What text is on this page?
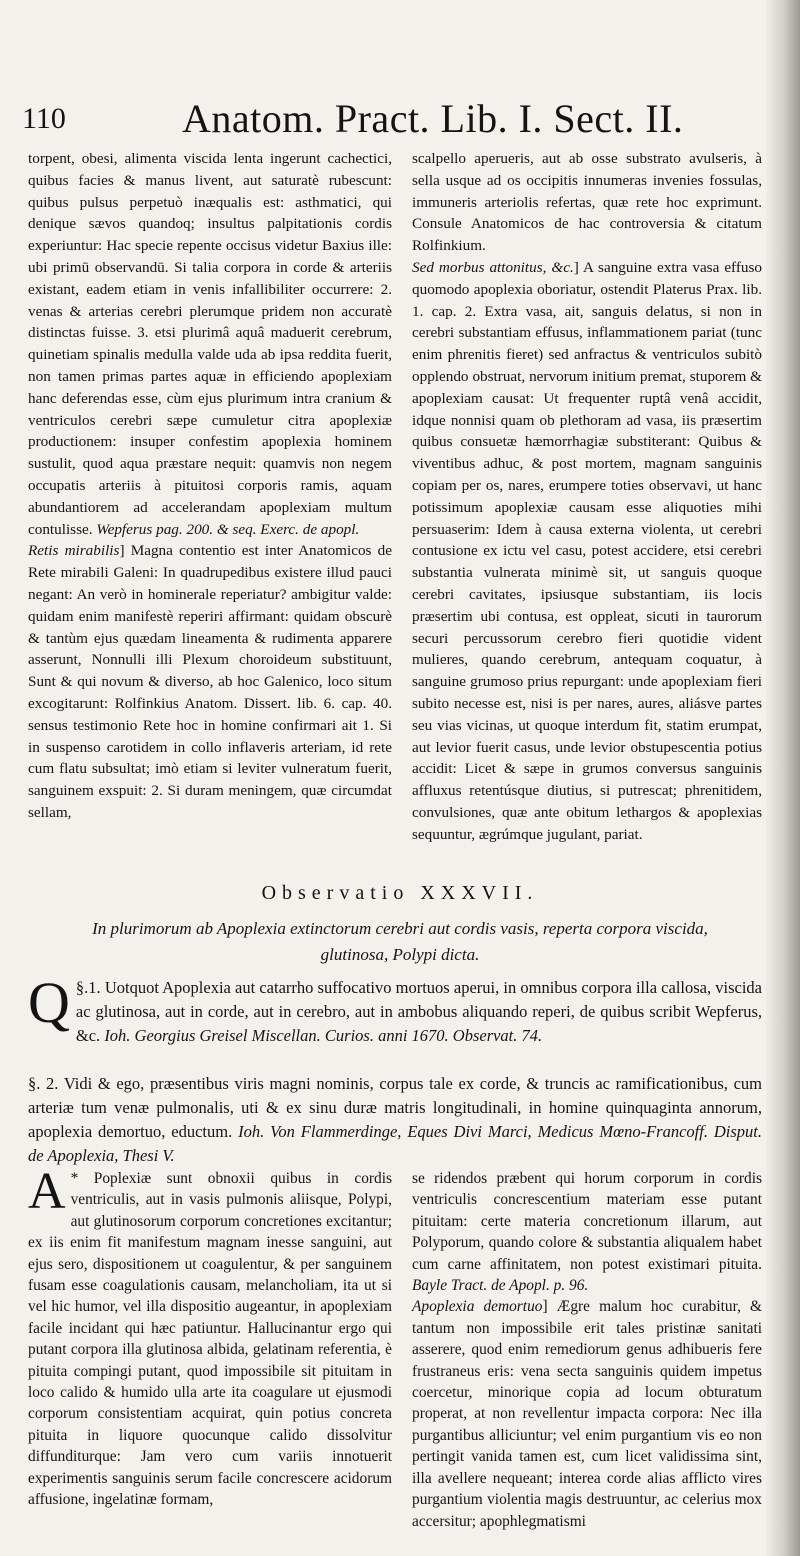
110	Anatom. Pract. Lib. I. Sect. II.

torpent, obesi, alimenta viscida lenta ingerunt cachectici, quibus facies & manus livent, aut saturatè rubescunt: quibus pulsus perpetuò inæqualis est: asthmatici, qui denique sævos quandoq; insultus palpitationis cordis experiuntur: Hac specie repente occisus videtur Baxius ille: ubi primū observandū. Si talia corpora in corde & arteriis existant, eadem etiam in venis infallibiliter occurrere: 2. venas & arterias cerebri plerumque pridem non accuratè distinctas fuisse. 3. etsi plurimâ aquâ maduerit cerebrum, quinetiam spinalis medulla valde uda ab ipsa reddita fuerit, non tamen primas partes aquæ in efficiendo apoplexiam hanc deferendas esse, cùm ejus plurimum intra cranium & ventriculos cerebri sæpe cumuletur citra apoplexiæ productionem: insuper confestim apoplexia hominem sustulit, quod aqua præstare nequit: quamvis non negem occupatis arteriis à pituitosi corporis ramis, aquam abundantiorem ad accelerandam apoplexiam multum contulisse. Wepferus pag. 200. & seq. Exerc. de apopl.

Retis mirabilis] Magna contentio est inter Anatomicos de Rete mirabili Galeni: In quadrupedibus existere illud pauci negant: An verò in hominerale reperiatur? ambigitur valde: quidam enim manifestè reperiri affirmant: quidam obscurè & tantùm ejus quædam lineamenta & rudimenta apparere asserunt, Nonnulli illi Plexum choroideum substituunt, Sunt & qui novum & diverso, ab hoc Galenico, loco situm excogitarunt: Rolfinkius Anatom. Dissert. lib. 6. cap. 40. sensus testimonio Rete hoc in homine confirmari ait 1. Si in suspenso carotidem in collo inflaveris arteriam, id rete cum flatu subsultat; imò etiam si leviter vulneratum fuerit, sanguinem exspuit: 2. Si duram meningem, quæ circumdat sellam,

scalpello aperueris, aut ab osse substrato avulseris, à sella usque ad os occipitis innumeras invenies fossulas, immuneris arteriolis refertas, quæ rete hoc exprimunt. Consule Anatomicos de hac controversia & citatum Rolfinkium.

Sed morbus attonitus, &c.] A sanguine extra vasa effuso quomodo apoplexia oboriatur, ostendit Platerus Prax. lib. 1. cap. 2. Extra vasa, ait, sanguis delatus, si non in cerebri substantiam effusus, inflammationem pariat (tunc enim phrenitis fieret) sed anfractus & ventriculos subitò opplendo obstruat, nervorum initium premat, stuporem & apoplexiam causat: Ut frequenter ruptâ venâ accidit, idque nonnisi quam ob plethoram ad vasa, iis præsertim quibus consuetæ hæmorrhagiæ substiterant: Quibus & viventibus adhuc, & post mortem, magnam sanguinis copiam per os, nares, erumpere toties observavi, ut hanc potissimum apoplexiæ causam esse aliquoties mihi persuaserim: Idem à causa externa violenta, ut cerebri contusione ex ictu vel casu, potest accidere, etsi cerebri substantia vulnerata minimè sit, ut sanguis quoque cerebri cavitates, ipsiusque substantiam, iis locis præsertim ubi contusa, est oppleat, sicuti in taurorum securi percussorum cerebro fieri quotidie vident mulieres, quando cerebrum, antequam coquatur, à sanguine grumoso prius repurgant: unde apoplexiam fieri subito necesse est, nisi is per nares, aures, aliásve partes seu vias vicinas, ut quoque interdum fit, statim erumpat, aut levior fuerit casus, unde levior obstupescentia potius accidit: Licet & sæpe in grumos conversus sanguinis affluxus retentúsque diutius, si putrescat; phrenitidem, convulsiones, quæ ante obitum lethargos & apoplexias sequuntur, ægrúmque jugulant, pariat.

Observatio XXXVII.
In plurimorum ab Apoplexia extinctorum cerebri aut cordis vasis, reperta corpora viscida, glutinosa, Polypi dicta.
§.1.
Q Uotquot Apoplexia aut catarrho suffocativo mortuos aperui, in omnibus corpora illa callosa, viscida ac glutinosa, aut in corde, aut in cerebro, aut in ambobus aliquando reperi, de quibus scribit Wepferus, &c. Ioh. Georgius Greisel Miscellan. Curios. anni 1670. Observat. 74.
§. 2. Vidi & ego, præsentibus viris magni nominis, corpus tale ex corde, & truncis ac ramificationibus, cum arteriæ tum venæ pulmonalis, uti & ex sinu duræ matris longitudinali, in homine quinquaginta annorum, apoplexia demortuo, eductum. Ioh. Von Flammerdinge, Eques Divi Marci, Medicus Mœno-Francoff. Disput. de Apoplexia, Thesi V.

*
A Poplexiæ sunt obnoxii quibus in cordis ventriculis, aut in vasis pulmonis aliisque, Polypi, aut glutinosorum corporum concretiones excitantur; ex iis enim fit manifestum magnam inesse sanguini, aut ejus sero, dispositionem ut coagulentur, & per sanguinem fusam esse coagulationis causam, melancholiam, ita ut si vel hic humor, vel illa dispositio augeantur, in apoplexiam facile incidant qui hæc patiuntur. Hallucinantur ergo qui putant corpora illa glutinosa albida, gelatinam referentia, è pituita compingi putant, quod impossibile sit pituitam in loco calido & humido ulla arte ita coagulare ut ejusmodi corporum consistentiam acquirat, quin potius concreta pituita in liquore quocunque calido dissolvitur diffunditurque: Jam vero cum variis innotuerit experimentis sanguinis serum facile concrescere acidorum affusione, ingelatinæ formam,

se ridendos præbent qui horum corporum in cordis ventriculis concrescentium materiam esse putant pituitam: certe materia concretionum illarum, aut Polyporum, quando colore & substantia aliqualem habet cum carne affinitatem, non potest existimari pituita. Bayle Tract. de Apopl. p. 96.

Apoplexia demortuo] Ægre malum hoc curabitur, & tantum non impossibile erit tales pristinæ sanitati asserere, quod enim remediorum genus adhibueris fere frustraneus eris: vena secta sanguinis quidem impetus coercetur, minorique copia ad locum obturatum properat, at non revellentur impacta corpora: Nec illa purgantibus alliciuntur; vel enim purgantium vis eo non pertingit vanida tamen est, cum licet validissima sint, illa avellere nequeant; interea corde alias afflicto vires purgantium violentia magis destruuntur, ac celerius mox accersitur; apophlegmatismi
